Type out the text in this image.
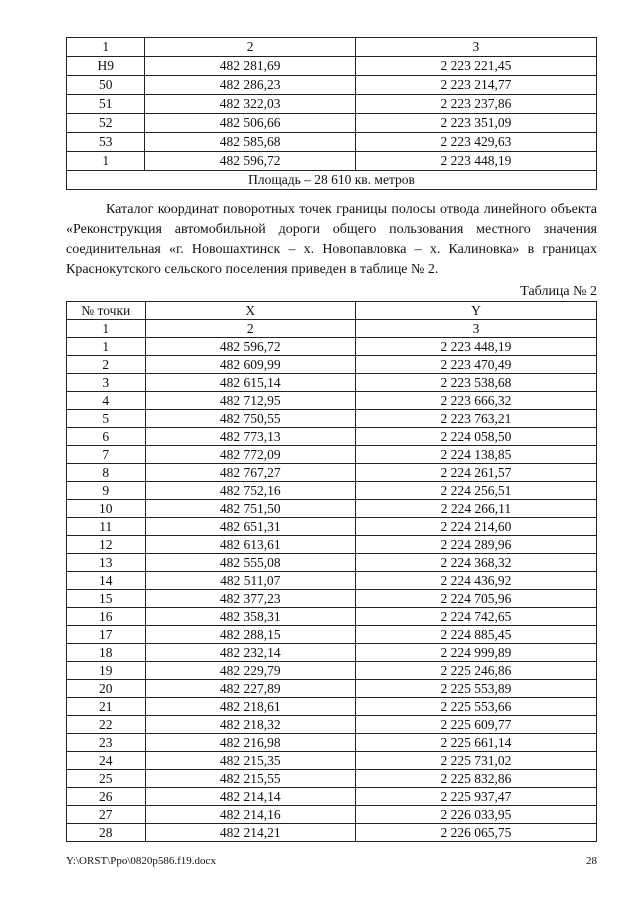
1	2	3
Н9	482 281,69	2 223 221,45
50	482 286,23	2 223 214,77
51	482 322,03	2 223 237,86
52	482 506,66	2 223 351,09
53	482 585,68	2 223 429,63
1	482 596,72	2 223 448,19
Площадь – 28 610 кв. метров		
Каталог координат поворотных точек границы полосы отвода линейного объекта «Реконструкция автомобильной дороги общего пользования местного значения соединительная «г. Новошахтинск – х. Новопавловка – х. Калиновка» в границах Краснокутского сельского поселения приведен в таблице № 2.
Таблица № 2
№ точки	X	Y
1	2	3
1	482 596,72	2 223 448,19
2	482 609,99	2 223 470,49
3	482 615,14	2 223 538,68
4	482 712,95	2 223 666,32
5	482 750,55	2 223 763,21
6	482 773,13	2 224 058,50
7	482 772,09	2 224 138,85
8	482 767,27	2 224 261,57
9	482 752,16	2 224 256,51
10	482 751,50	2 224 266,11
11	482 651,31	2 224 214,60
12	482 613,61	2 224 289,96
13	482 555,08	2 224 368,32
14	482 511,07	2 224 436,92
15	482 377,23	2 224 705,96
16	482 358,31	2 224 742,65
17	482 288,15	2 224 885,45
18	482 232,14	2 224 999,89
19	482 229,79	2 225 246,86
20	482 227,89	2 225 553,89
21	482 218,61	2 225 553,66
22	482 218,32	2 225 609,77
23	482 216,98	2 225 661,14
24	482 215,35	2 225 731,02
25	482 215,55	2 225 832,86
26	482 214,14	2 225 937,47
27	482 214,16	2 226 033,95
28	482 214,21	2 226 065,75
Y:\ORST\Ppo\0820p586.f19.docx	28
